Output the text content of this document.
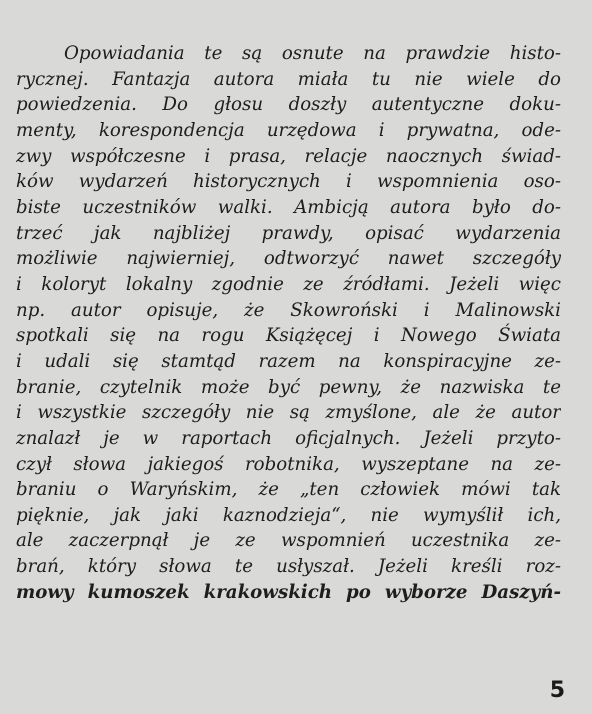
Opowiadania te są osnute na prawdzie histo-
rycznej. Fantazja autora miała tu nie wiele do
powiedzenia. Do głosu doszły autentyczne doku-
menty, korespondencja urzędowa i prywatna, ode-
zwy współczesne i prasa, relacje naocznych świad-
ków wydarzeń historycznych i wspomnienia oso-
biste uczestników walki. Ambicją autora było do-
trzeć jak najbliżej prawdy, opisać wydarzenia
możliwie najwierniej, odtworzyć nawet szczegóły
i koloryt lokalny zgodnie ze źródłami. Jeżeli więc
np. autor opisuje, że Skowroński i Malinowski
spotkali się na rogu Książęcej i Nowego Świata
i udali się stamtąd razem na konspiracyjne ze-
branie, czytelnik może być pewny, że nazwiska te
i wszystkie szczegóły nie są zmyślone, ale że autor
znalazł je w raportach oficjalnych. Jeżeli przyto-
czył słowa jakiegoś robotnika, wyszeptane na ze-
braniu o Waryńskim, że „ten człowiek mówi tak
pięknie, jak jaki kaznodzieja“, nie wymyślił ich,
ale zaczerpnął je ze wspomnień uczestnika ze-
brań, który słowa te usłyszał. Jeżeli kreśli roz-
mowy kumoszek krakowskich po wyborze Daszyń-
5
